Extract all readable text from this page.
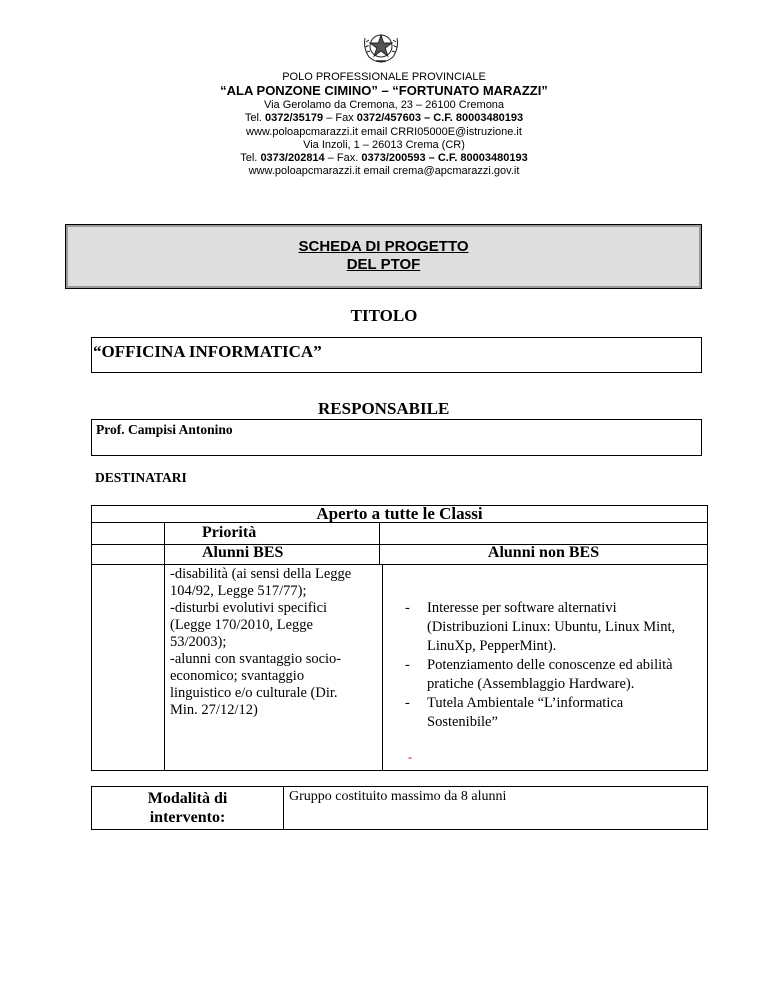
POLO PROFESSIONALE PROVINCIALE
“ALA PONZONE CIMINO” – “FORTUNATO MARAZZI”
Via Gerolamo da Cremona, 23 – 26100 Cremona
Tel. 0372/35179 – Fax 0372/457603 – C.F. 80003480193
www.poloapcmarazzi.it email CRRI05000E@istruzione.it
Via Inzoli, 1 – 26013 Crema (CR)
Tel. 0373/202814 – Fax. 0373/200593 – C.F. 80003480193
www.poloapcmarazzi.it email crema@apcmarazzi.gov.it
SCHEDA DI PROGETTO
DEL PTOF
TITOLO
“OFFICINA INFORMATICA”
RESPONSABILE
Prof. Campisi Antonino
DESTINATARI
Aperto a tutte le Classi
Priorità
Alunni BES	Alunni non BES
-disabilità (ai sensi della Legge
104/92, Legge 517/77);
-disturbi evolutivi specifici
(Legge 170/2010, Legge
53/2003);
-alunni con svantaggio socio-
economico; svantaggio
linguistico e/o culturale (Dir.
Min. 27/12/12)
- Interesse per software alternativi
(Distribuzioni Linux: Ubuntu, Linux Mint,
LinuXp, PepperMint).
- Potenziamento delle conoscenze ed abilità
pratiche (Assemblaggio Hardware).
- Tutela Ambientale “L’informatica
Sostenibile”
-
Modalità di
intervento:
Gruppo costituito massimo da 8 alunni
